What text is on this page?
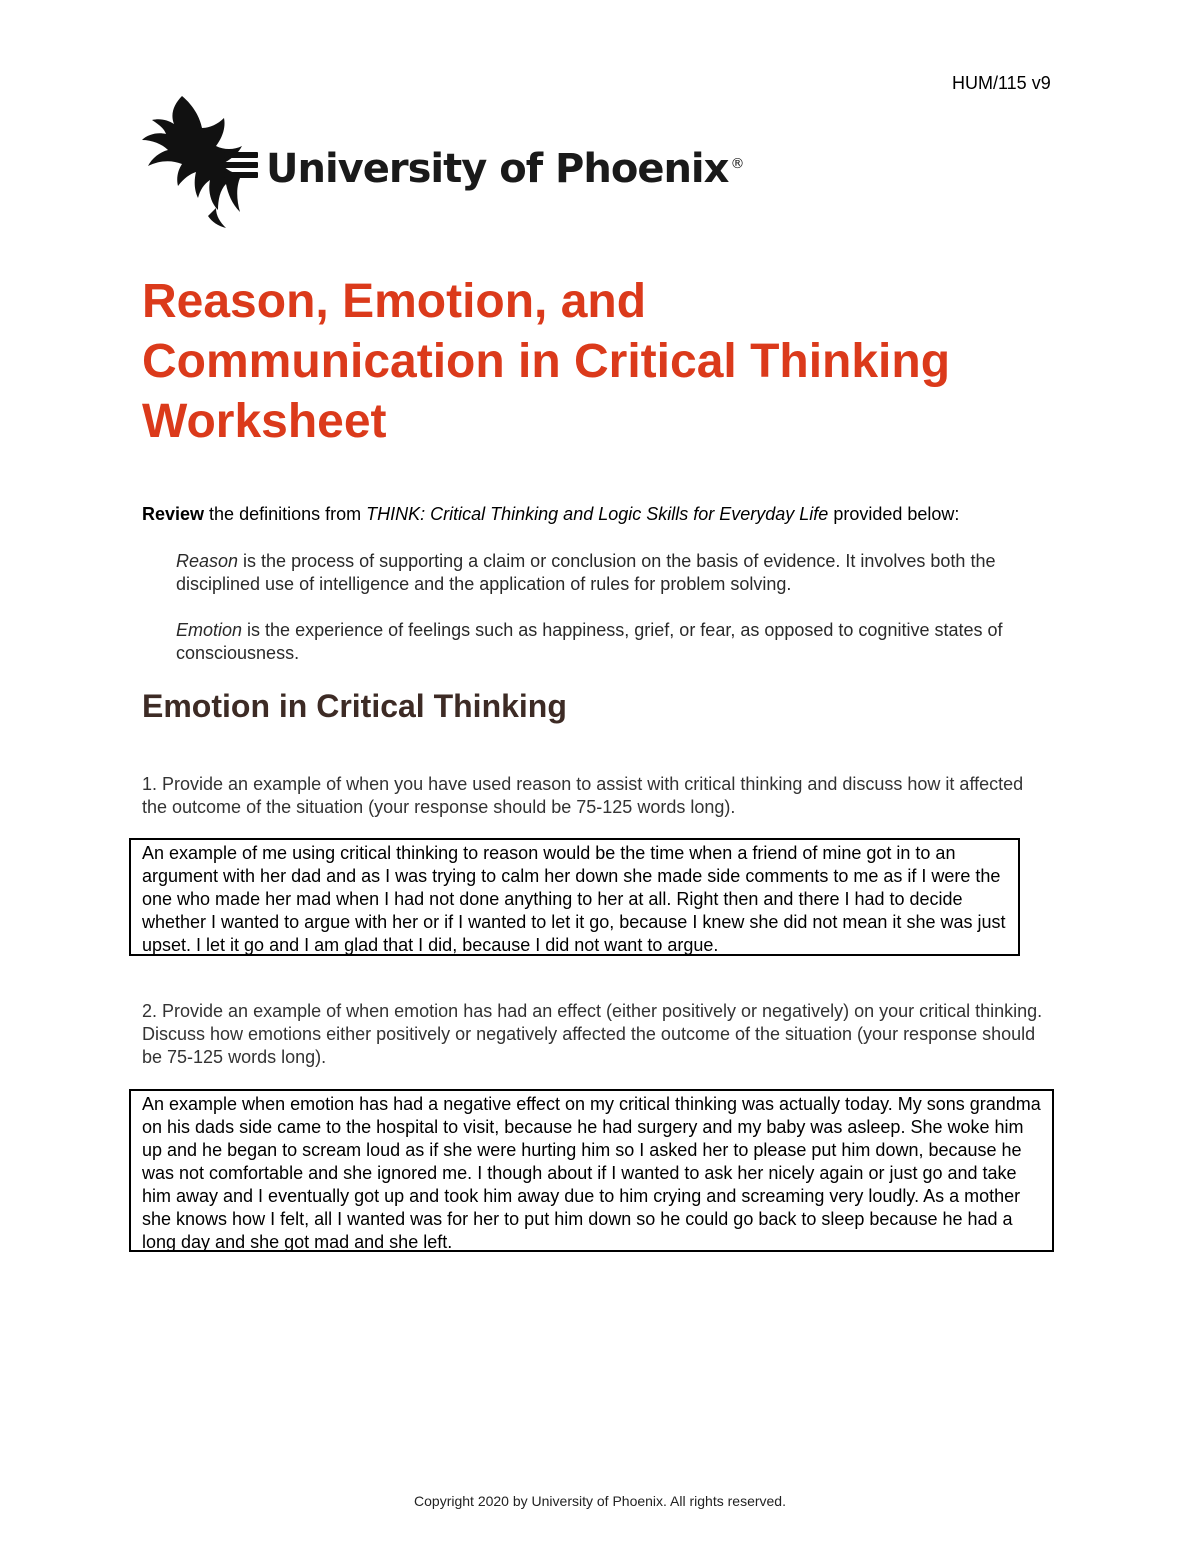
HUM/115 v9
University of Phoenix ®
Reason, Emotion, and
Communication in Critical Thinking
Worksheet

Review the definitions from THINK: Critical Thinking and Logic Skills for Everyday Life provided below:

Reason is the process of supporting a claim or conclusion on the basis of evidence. It involves both the disciplined use of intelligence and the application of rules for problem solving.

Emotion is the experience of feelings such as happiness, grief, or fear, as opposed to cognitive states of consciousness.

Emotion in Critical Thinking

1. Provide an example of when you have used reason to assist with critical thinking and discuss how it affected the outcome of the situation (your response should be 75-125 words long).

An example of me using critical thinking to reason would be the time when a friend of mine got in to an argument with her dad and as I was trying to calm her down she made side comments to me as if I were the one who made her mad when I had not done anything to her at all. Right then and there I had to decide whether I wanted to argue with her or if I wanted to let it go, because I knew she did not mean it she was just upset. I let it go and I am glad that I did, because I did not want to argue.

2. Provide an example of when emotion has had an effect (either positively or negatively) on your critical thinking. Discuss how emotions either positively or negatively affected the outcome of the situation (your response should be 75-125 words long).

An example when emotion has had a negative effect on my critical thinking was actually today. My sons grandma on his dads side came to the hospital to visit, because he had surgery and my baby was asleep. She woke him up and he began to scream loud as if she were hurting him so I asked her to please put him down, because he was not comfortable and she ignored me. I though about if I wanted to ask her nicely again or just go and take him away and I eventually got up and took him away due to him crying and screaming very loudly. As a mother she knows how I felt, all I wanted was for her to put him down so he could go back to sleep because he had a long day and she got mad and she left.
Copyright 2020 by University of Phoenix. All rights reserved.
